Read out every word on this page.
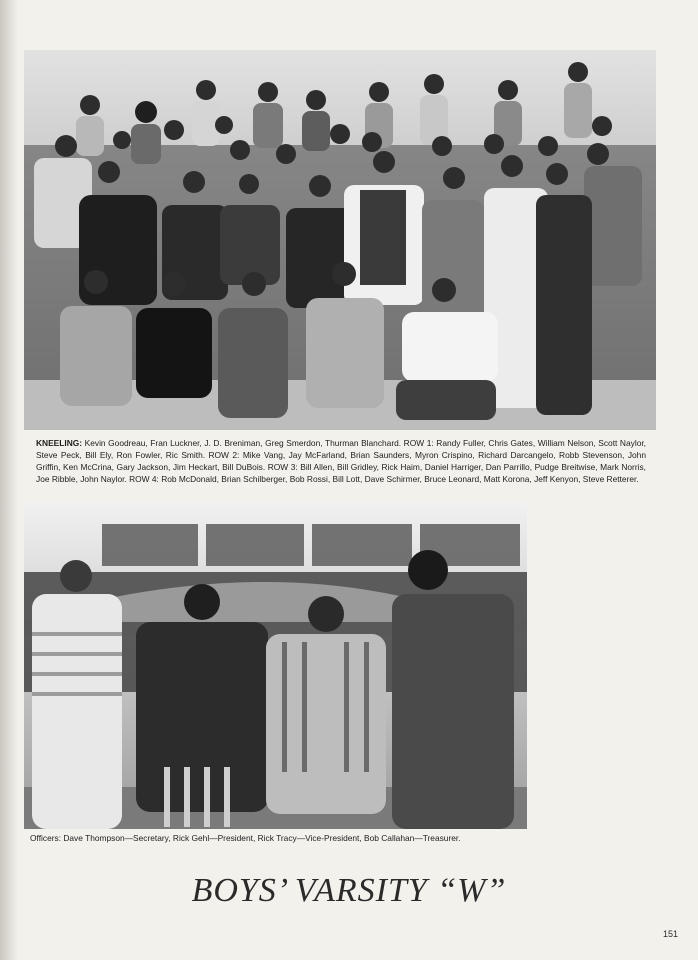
KNEELING: Kevin Goodreau, Fran Luckner, J. D. Breniman, Greg Smerdon, Thurman Blanchard. ROW 1: Randy Fuller, Chris Gates, William Nelson, Scott Naylor, Steve Peck, Bill Ely, Ron Fowler, Ric Smith. ROW 2: Mike Vang, Jay McFarland, Brian Saunders, Myron Crispino, Richard Darcangelo, Robb Stevenson, John Griffin, Ken McCrina, Gary Jackson, Jim Heckart, Bill DuBois. ROW 3: Bill Allen, Bill Gridley, Rick Haim, Daniel Harriger, Dan Parrillo, Pudge Breitwise, Mark Norris, Joe Ribble, John Naylor. ROW 4: Rob McDonald, Brian Schilberger, Bob Rossi, Bill Lott, Dave Schirmer, Bruce Leonard, Matt Korona, Jeff Kenyon, Steve Retterer.

Officers: Dave Thompson—Secretary, Rick Gehl—President, Rick Tracy—Vice-President, Bob Callahan—Treasurer.

BOYS’ VARSITY “W”
151
